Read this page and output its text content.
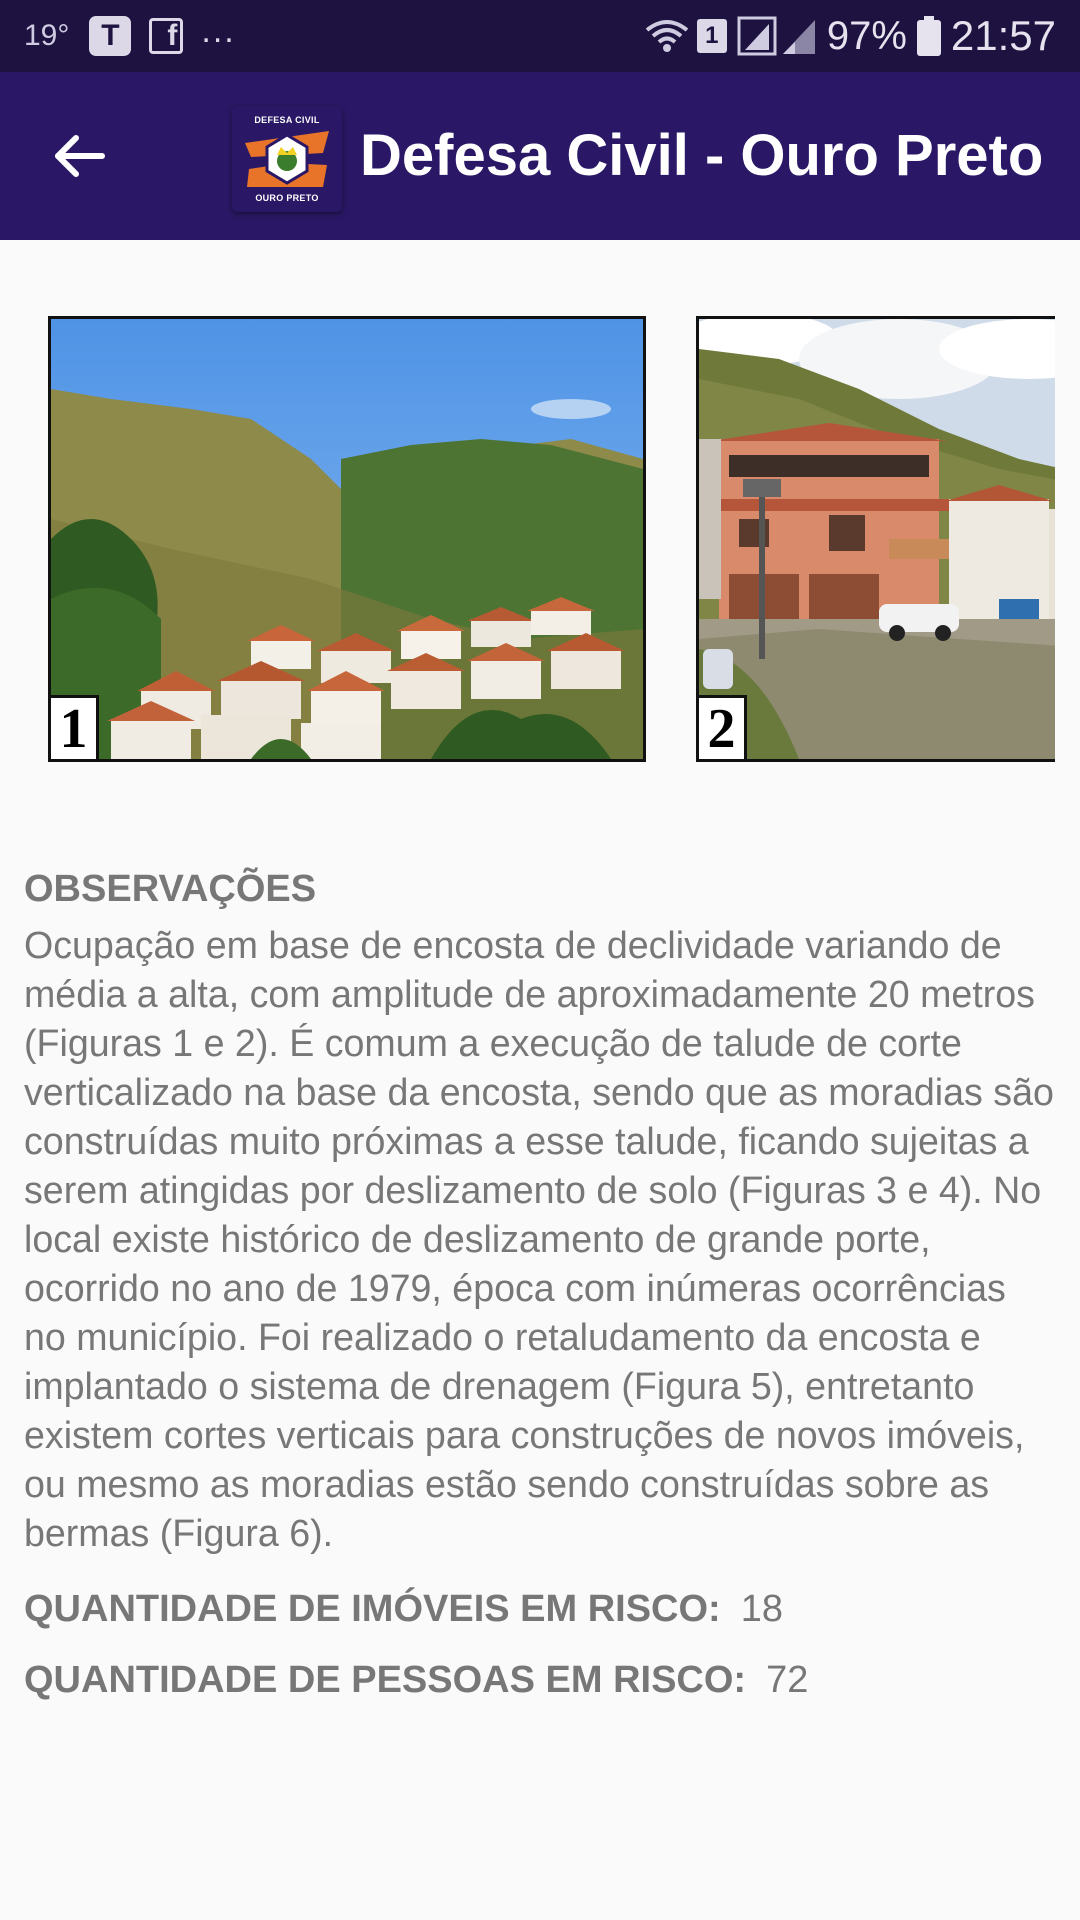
19°	T	f ...	1	97% 21:57
DEFESA CIVIL
OURO PRETO
Defesa Civil - Ouro Preto
1	2
OBSERVAÇÕES

Ocupação em base de encosta de declividade variando de média a alta, com amplitude de aproximadamente 20 metros (Figuras 1 e 2). É comum a execução de talude de corte verticalizado na base da encosta, sendo que as moradias são construídas muito próximas a esse talude, ficando sujeitas a serem atingidas por deslizamento de solo (Figuras 3 e 4). No local existe histórico de deslizamento de grande porte, ocorrido no ano de 1979, época com inúmeras ocorrências no município. Foi realizado o retaludamento da encosta e implantado o sistema de drenagem (Figura 5), entretanto existem cortes verticais para construções de novos imóveis, ou mesmo as moradias estão sendo construídas sobre as bermas (Figura 6).

QUANTIDADE DE IMÓVEIS EM RISCO: 18
QUANTIDADE DE PESSOAS EM RISCO: 72
